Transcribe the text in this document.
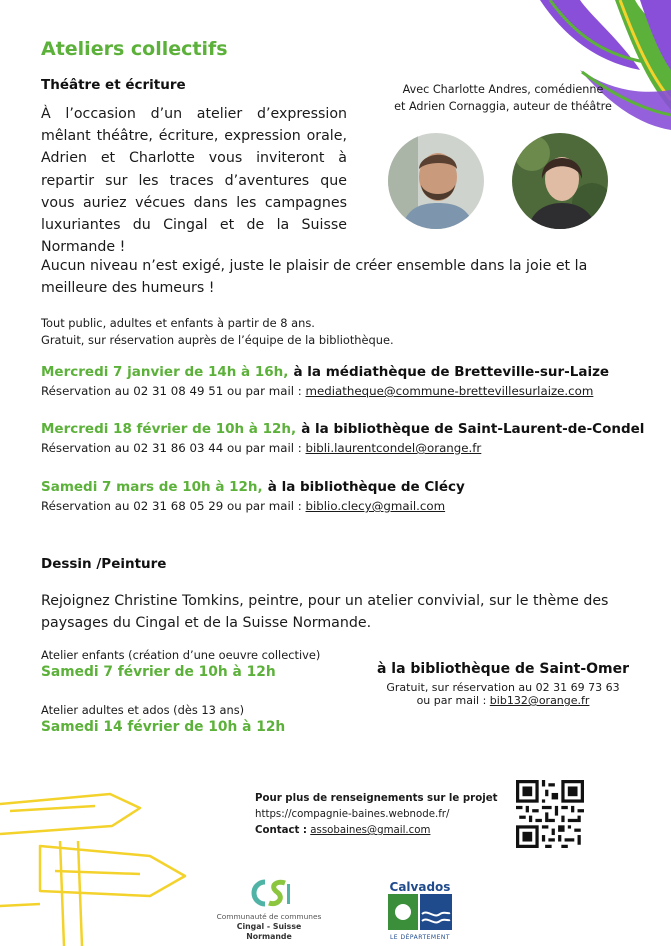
Ateliers collectifs
Théâtre et écriture
À l’occasion d’un atelier d’expression mêlant théâtre, écriture, expression orale, Adrien et Charlotte vous inviteront à repartir sur les traces d’aventures que vous auriez vécues dans les campagnes luxuriantes du Cingal et de la Suisse Normande !
Avec Charlotte Andres, comédienne
et Adrien Cornaggia, auteur de théâtre
Aucun niveau n’est exigé, juste le plaisir de créer ensemble dans la joie et la meilleure des humeurs !
Tout public, adultes et enfants à partir de 8 ans.
Gratuit, sur réservation auprès de l’équipe de la bibliothèque.
Mercredi 7 janvier de 14h à 16h, à la médiathèque de Bretteville-sur-Laize
Réservation au 02 31 08 49 51 ou par mail : mediatheque@commune-brettevillesurlaize.com
Mercredi 18 février de 10h à 12h, à la bibliothèque de Saint-Laurent-de-Condel
Réservation au 02 31 86 03 44 ou par mail : bibli.laurentcondel@orange.fr
Samedi 7 mars de 10h à 12h, à la bibliothèque de Clécy
Réservation au 02 31 68 05 29 ou par mail : biblio.clecy@gmail.com
Dessin /Peinture
Rejoignez Christine Tomkins, peintre, pour un atelier convivial, sur le thème des paysages du Cingal et de la Suisse Normande.
Atelier enfants (création d’une oeuvre collective)
Samedi 7 février de 10h à 12h
Atelier adultes et ados (dès 13 ans)
Samedi 14 février de 10h à 12h
à la bibliothèque de Saint-Omer
Gratuit, sur réservation au 02 31 69 73 63
ou par mail : bib132@orange.fr
Pour plus de renseignements sur le projet
https://compagnie-baines.webnode.fr/
Contact : assobaines@gmail.com
Communauté de communes
Cingal - Suisse Normande
Calvados
LE DÉPARTEMENT
